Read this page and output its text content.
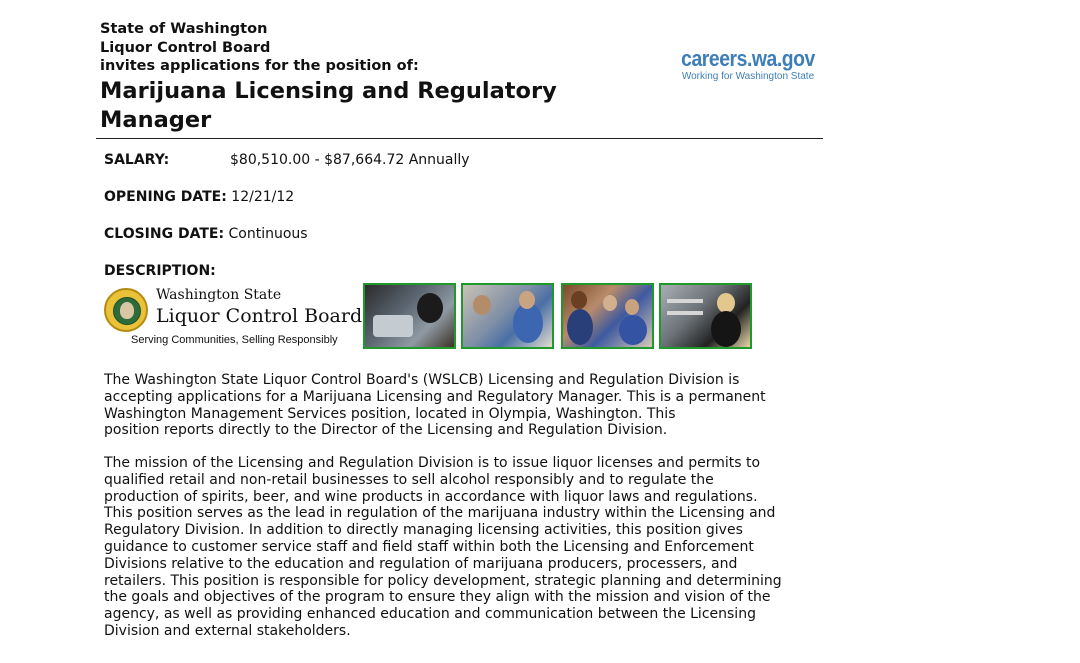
State of Washington
Liquor Control Board
invites applications for the position of:
Marijuana Licensing and Regulatory Manager
careers.wa.gov
Working for Washington State
SALARY:	$80,510.00 - $87,664.72 Annually
OPENING DATE: 12/21/12
CLOSING DATE: Continuous
DESCRIPTION:
Washington State
Liquor Control Board
Serving Communities, Selling Responsibly
The Washington State Liquor Control Board's (WSLCB) Licensing and Regulation Division is
accepting applications for a Marijuana Licensing and Regulatory Manager. This is a permanent
Washington Management Services position, located in Olympia, Washington. This
position reports directly to the Director of the Licensing and Regulation Division.
The mission of the Licensing and Regulation Division is to issue liquor licenses and permits to
qualified retail and non-retail businesses to sell alcohol responsibly and to regulate the
production of spirits, beer, and wine products in accordance with liquor laws and regulations.
This position serves as the lead in regulation of the marijuana industry within the Licensing and
Regulatory Division. In addition to directly managing licensing activities, this position gives
guidance to customer service staff and field staff within both the Licensing and Enforcement
Divisions relative to the education and regulation of marijuana producers, processers, and
retailers. This position is responsible for policy development, strategic planning and determining
the goals and objectives of the program to ensure they align with the mission and vision of the
agency, as well as providing enhanced education and communication between the Licensing
Division and external stakeholders.
